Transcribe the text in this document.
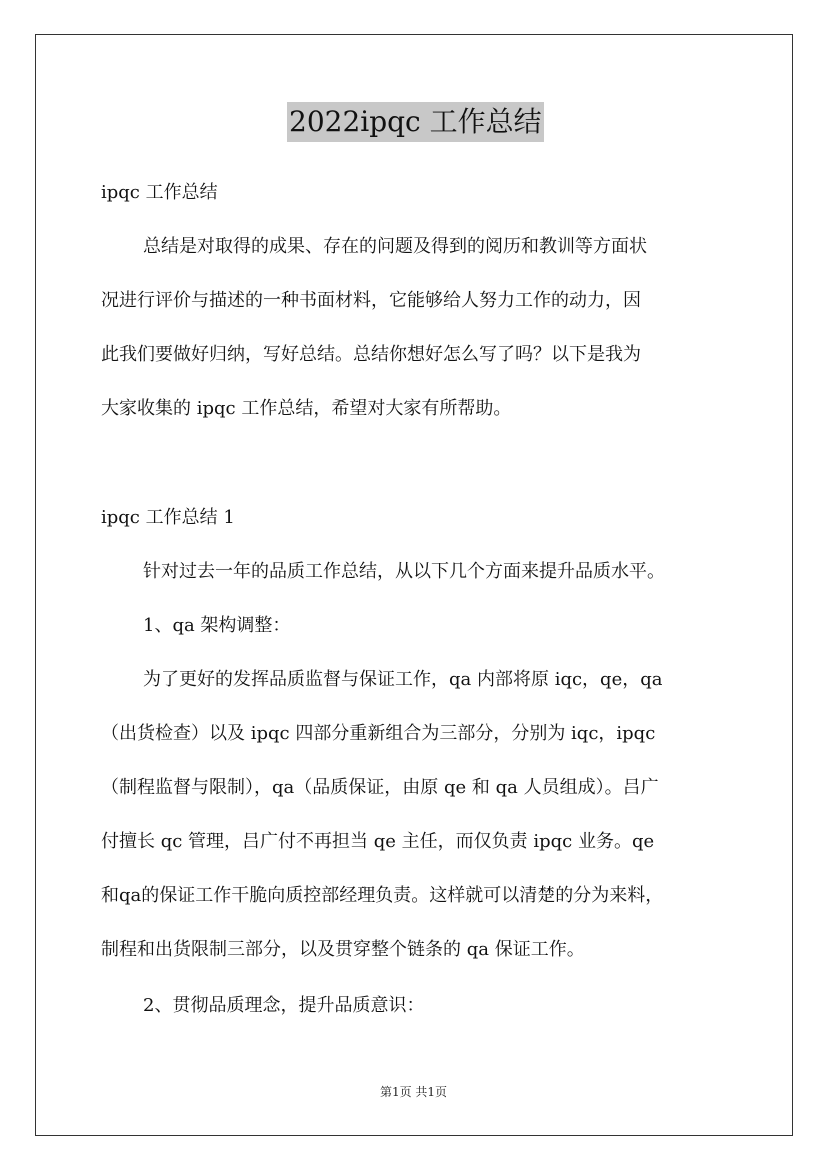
2022ipqc 工作总结
ipqc 工作总结
总结是对取得的成果、存在的问题及得到的阅历和教训等方面状
况进行评价与描述的一种书面材料，它能够给人努力工作的动力，因
此我们要做好归纳，写好总结。总结你想好怎么写了吗？以下是我为
大家收集的 ipqc 工作总结，希望对大家有所帮助。
ipqc 工作总结 1
针对过去一年的品质工作总结，从以下几个方面来提升品质水平。
1、qa 架构调整：
为了更好的发挥品质监督与保证工作，qa 内部将原 iqc，qe，qa
（出货检查）以及 ipqc 四部分重新组合为三部分，分别为 iqc，ipqc
（制程监督与限制），qa（品质保证，由原 qe 和 qa 人员组成）。吕广
付擅长 qc 管理，吕广付不再担当 qe 主任，而仅负责 ipqc 业务。qe
和qa的保证工作干脆向质控部经理负责。这样就可以清楚的分为来料，
制程和出货限制三部分，以及贯穿整个链条的 qa 保证工作。
2、贯彻品质理念，提升品质意识：
第1页 共1页
